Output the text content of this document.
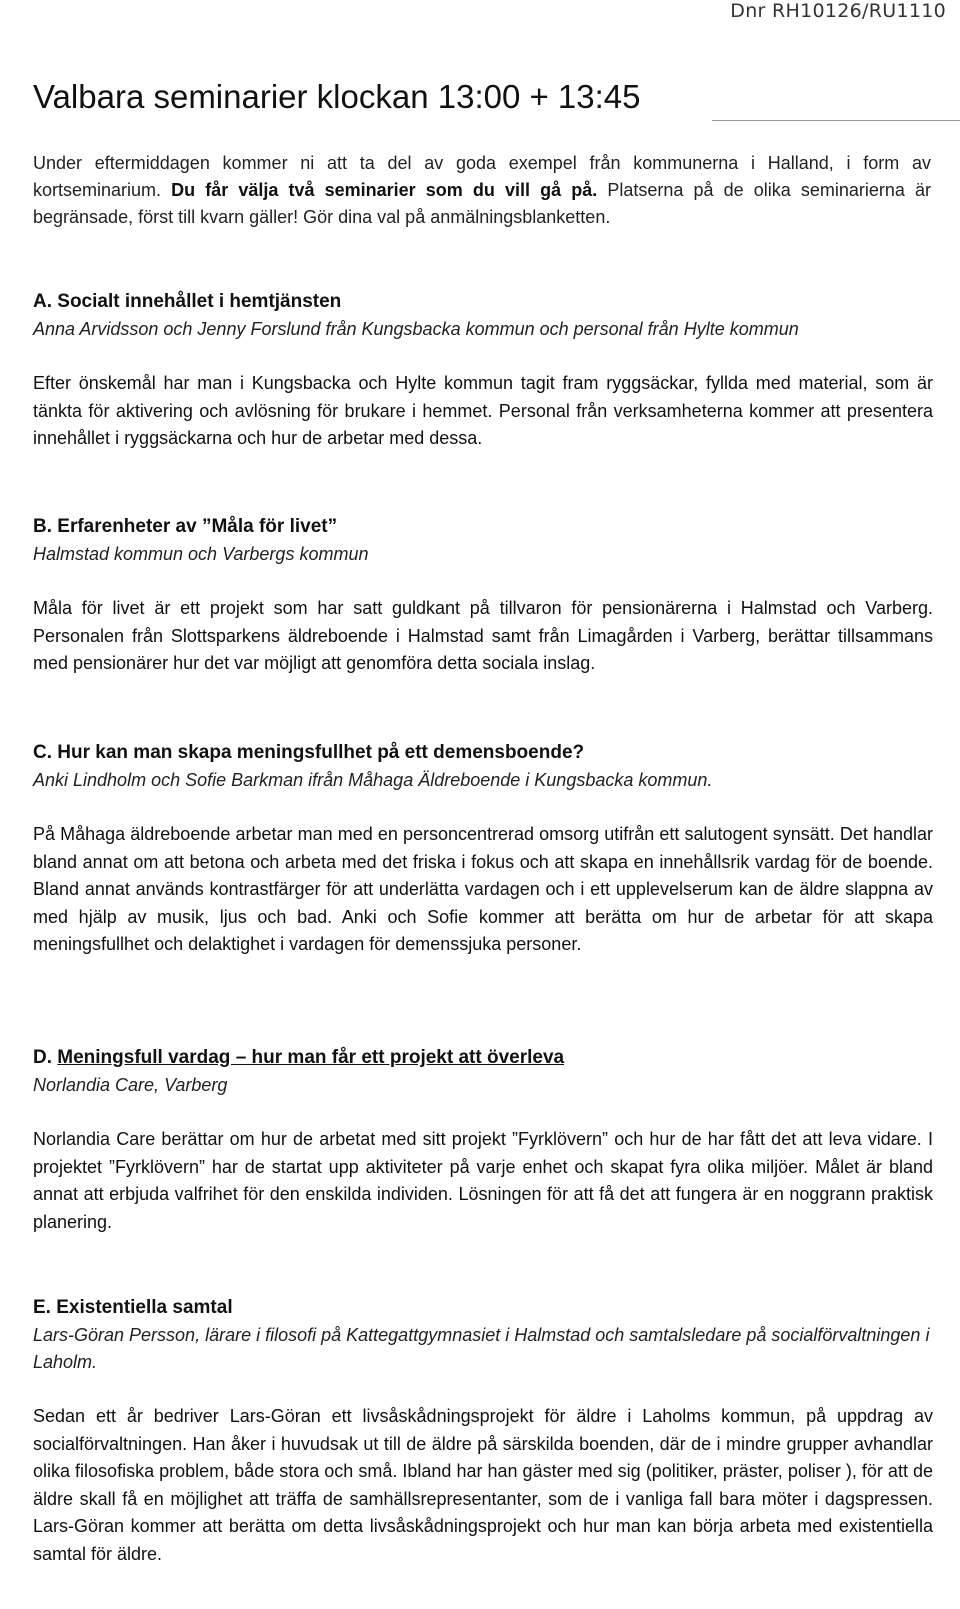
Dnr RH10126/RU1110
Valbara seminarier klockan 13:00 + 13:45

Under eftermiddagen kommer ni att ta del av goda exempel från kommunerna i Halland, i form av kortseminarium. Du får välja två seminarier som du vill gå på. Platserna på de olika seminarierna är begränsade, först till kvarn gäller! Gör dina val på anmälningsblanketten.

A. Socialt innehållet i hemtjänsten

Anna Arvidsson och Jenny Forslund från Kungsbacka kommun och personal från Hylte kommun

Efter önskemål har man i Kungsbacka och Hylte kommun tagit fram ryggsäckar, fyllda med material, som är tänkta för aktivering och avlösning för brukare i hemmet. Personal från verksamheterna kommer att presentera innehållet i ryggsäckarna och hur de arbetar med dessa.

B. Erfarenheter av ”Måla för livet”

Halmstad kommun och Varbergs kommun

Måla för livet är ett projekt som har satt guldkant på tillvaron för pensionärerna i Halmstad och Varberg. Personalen från Slottsparkens äldreboende i Halmstad samt från Limagården i Varberg, berättar tillsammans med pensionärer hur det var möjligt att genomföra detta sociala inslag.

C. Hur kan man skapa meningsfullhet på ett demensboende?

Anki Lindholm och Sofie Barkman ifrån Måhaga Äldreboende i Kungsbacka kommun.

På Måhaga äldreboende arbetar man med en personcentrerad omsorg utifrån ett salutogent synsätt. Det handlar bland annat om att betona och arbeta med det friska i fokus och att skapa en innehållsrik vardag för de boende. Bland annat används kontrastfärger för att underlätta vardagen och i ett upplevelserum kan de äldre slappna av med hjälp av musik, ljus och bad. Anki och Sofie kommer att berätta om hur de arbetar för att skapa meningsfullhet och delaktighet i vardagen för demenssjuka personer.

D. Meningsfull vardag – hur man får ett projekt att överleva

Norlandia Care, Varberg

Norlandia Care berättar om hur de arbetat med sitt projekt ”Fyrklövern” och hur de har fått det att leva vidare. I projektet ”Fyrklövern” har de startat upp aktiviteter på varje enhet och skapat fyra olika miljöer. Målet är bland annat att erbjuda valfrihet för den enskilda individen. Lösningen för att få det att fungera är en noggrann praktisk planering.

E. Existentiella samtal

Lars-Göran Persson, lärare i filosofi på Kattegattgymnasiet i Halmstad och samtalsledare på socialförvaltningen i Laholm.

Sedan ett år bedriver Lars-Göran ett livsåskådningsprojekt för äldre i Laholms kommun, på uppdrag av socialförvaltningen. Han åker i huvudsak ut till de äldre på särskilda boenden, där de i mindre grupper avhandlar olika filosofiska problem, både stora och små. Ibland har han gäster med sig (politiker, präster, poliser ), för att de äldre skall få en möjlighet att träffa de samhällsrepresentanter, som de i vanliga fall bara möter i dagspressen. Lars-Göran kommer att berätta om detta livsåskådningsprojekt och hur man kan börja arbeta med existentiella samtal för äldre.
